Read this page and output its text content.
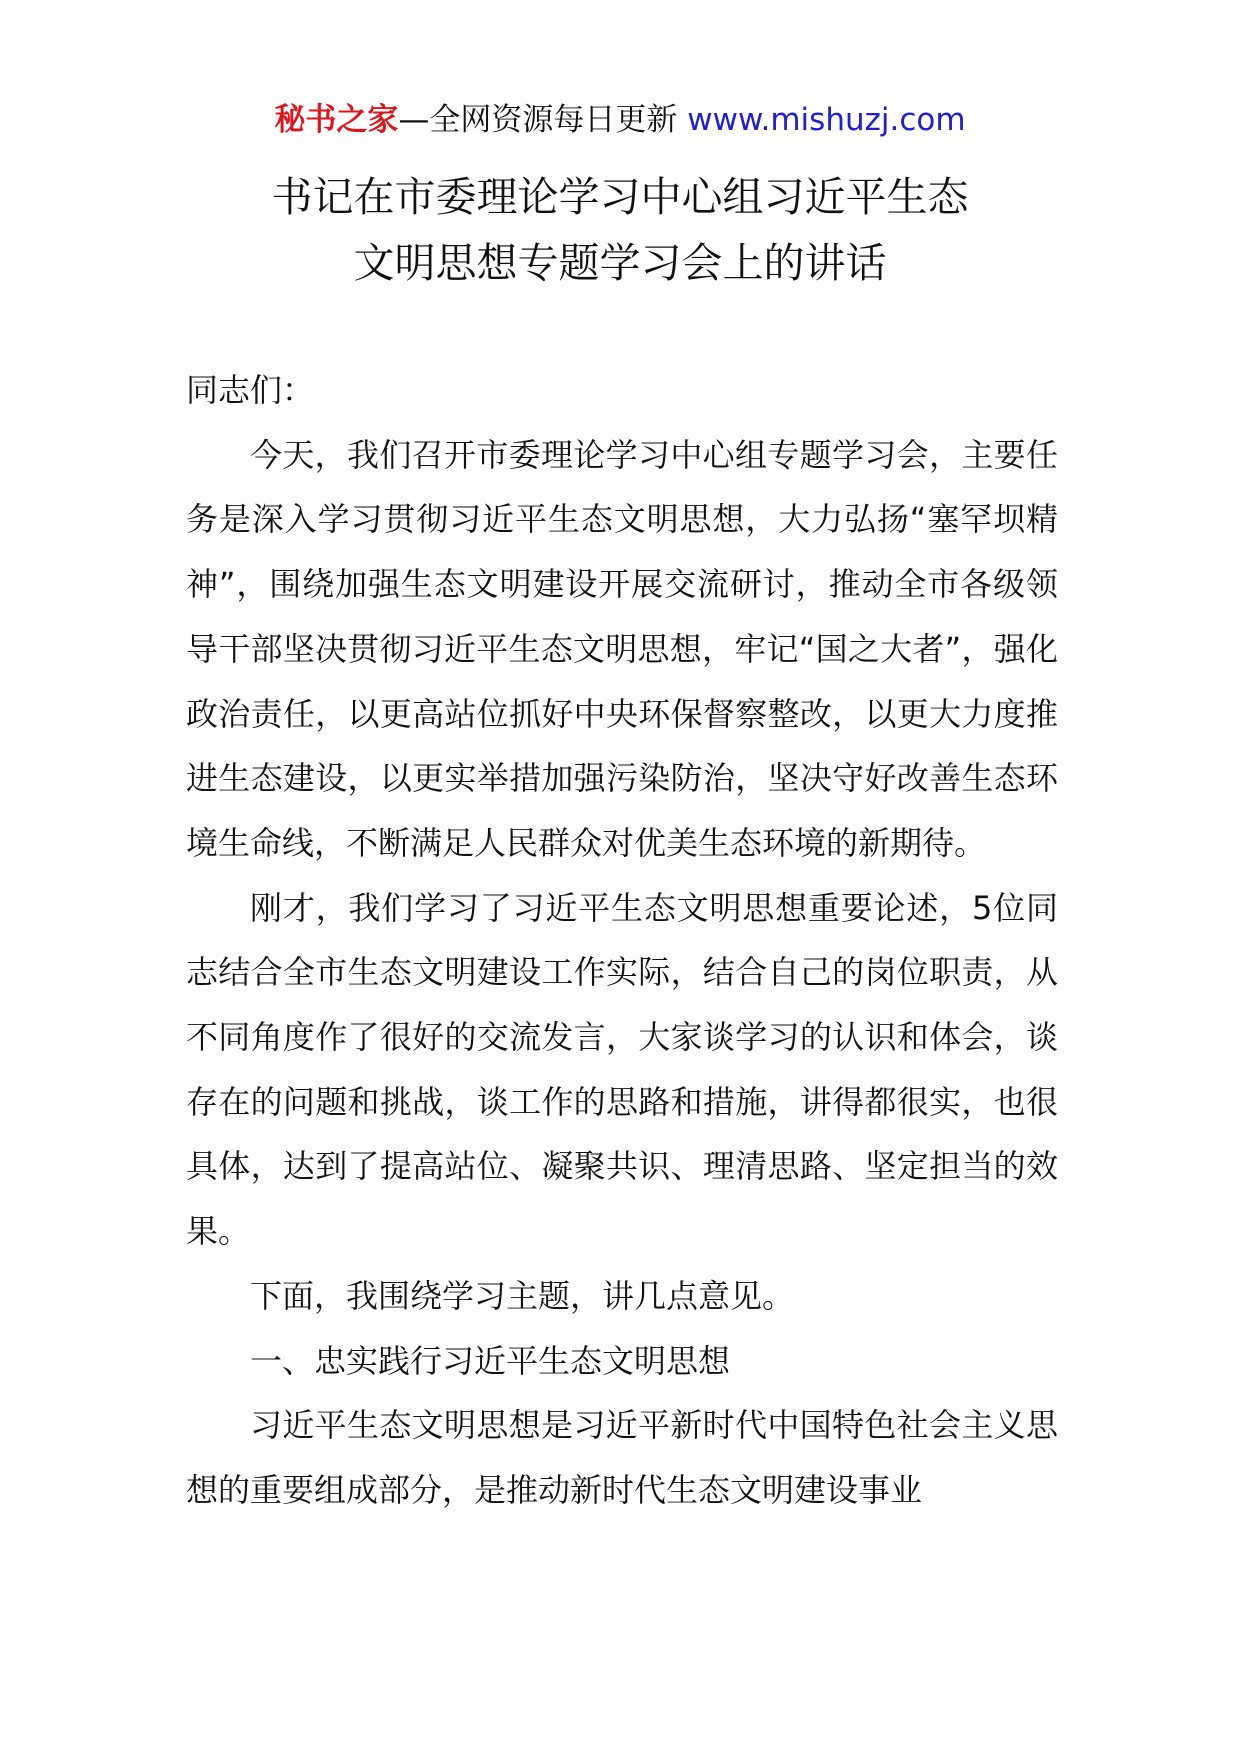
秘书之家—全网资源每日更新 www.mishuzj.com
书记在市委理论学习中心组习近平生态
文明思想专题学习会上的讲话

同志们：

今天，我们召开市委理论学习中心组专题学习会，主要任务是深入学习贯彻习近平生态文明思想，大力弘扬“塞罕坝精神”，围绕加强生态文明建设开展交流研讨，推动全市各级领导干部坚决贯彻习近平生态文明思想，牢记“国之大者”，强化政治责任，以更高站位抓好中央环保督察整改，以更大力度推进生态建设，以更实举措加强污染防治，坚决守好改善生态环境生命线，不断满足人民群众对优美生态环境的新期待。

刚才，我们学习了习近平生态文明思想重要论述，5位同志结合全市生态文明建设工作实际，结合自己的岗位职责，从不同角度作了很好的交流发言，大家谈学习的认识和体会，谈存在的问题和挑战，谈工作的思路和措施，讲得都很实，也很具体，达到了提高站位、凝聚共识、理清思路、坚定担当的效果。

下面，我围绕学习主题，讲几点意见。

一、忠实践行习近平生态文明思想

习近平生态文明思想是习近平新时代中国特色社会主义思想的重要组成部分，是推动新时代生态文明建设事业
